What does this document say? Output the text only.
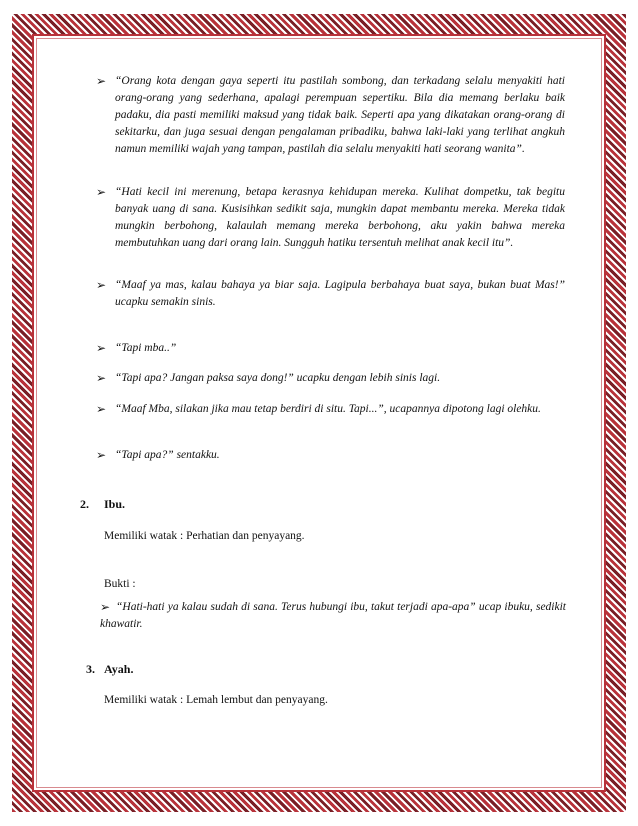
➢ “Orang kota dengan gaya seperti itu pastilah sombong, dan terkadang selalu menyakiti hati orang-orang yang sederhana, apalagi perempuan sepertiku. Bila dia memang berlaku baik padaku, dia pasti memiliki maksud yang tidak baik. Seperti apa yang dikatakan orang-orang di sekitarku, dan juga sesuai dengan pengalaman pribadiku, bahwa laki-laki yang terlihat angkuh namun memiliki wajah yang tampan, pastilah dia selalu menyakiti hati seorang wanita”.

➢ “Hati kecil ini merenung, betapa kerasnya kehidupan mereka. Kulihat dompetku, tak begitu banyak uang di sana. Kusisihkan sedikit saja, mungkin dapat membantu mereka. Mereka tidak mungkin berbohong, kalaulah memang mereka berbohong, aku yakin bahwa mereka membutuhkan uang dari orang lain. Sungguh hatiku tersentuh melihat anak kecil itu”.

➢ “Maaf ya mas, kalau bahaya ya biar saja. Lagipula berbahaya buat saya, bukan buat Mas!” ucapku semakin sinis.

➢ “Tapi mba..”

➢ “Tapi apa? Jangan paksa saya dong!” ucapku dengan lebih sinis lagi.

➢ “Maaf Mba, silakan jika mau tetap berdiri di situ. Tapi...”, ucapannya dipotong lagi olehku.

➢ “Tapi apa?” sentakku.

2. Ibu.
Memiliki watak : Perhatian dan penyayang.
Bukti :
➢ “Hati-hati ya kalau sudah di sana. Terus hubungi ibu, takut terjadi apa-apa” ucap ibuku, sedikit khawatir.

3. Ayah.
Memiliki watak : Lemah lembut dan penyayang.
